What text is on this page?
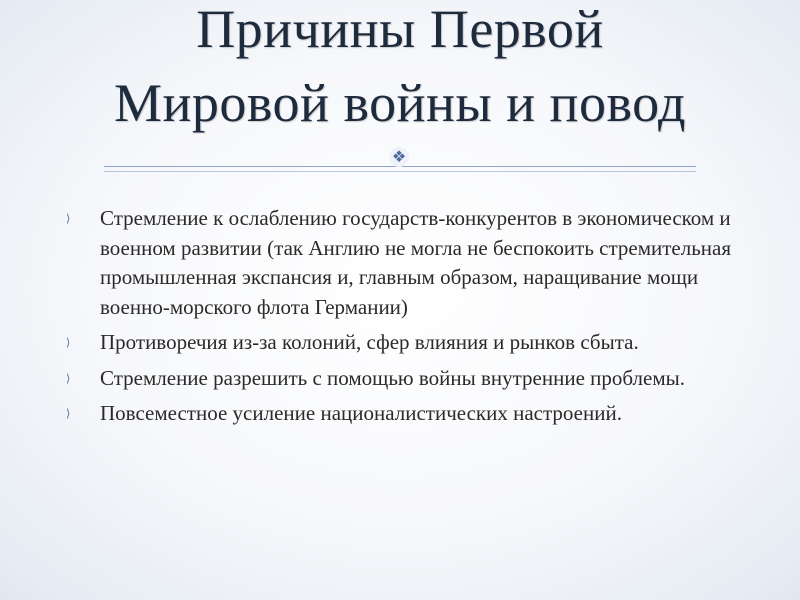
Причины Первой Мировой войны и повод
❖
⟩ Стремление к ослаблению государств-конкурентов в экономическом и военном развитии (так Англию не могла не беспокоить стремительная промышленная экспансия и, главным образом, наращивание мощи военно-морского флота Германии)
⟩ Противоречия из-за колоний, сфер влияния и рынков сбыта.
⟩ Стремление разрешить с помощью войны внутренние проблемы.
⟩ Повсеместное усиление националистических настроений.
